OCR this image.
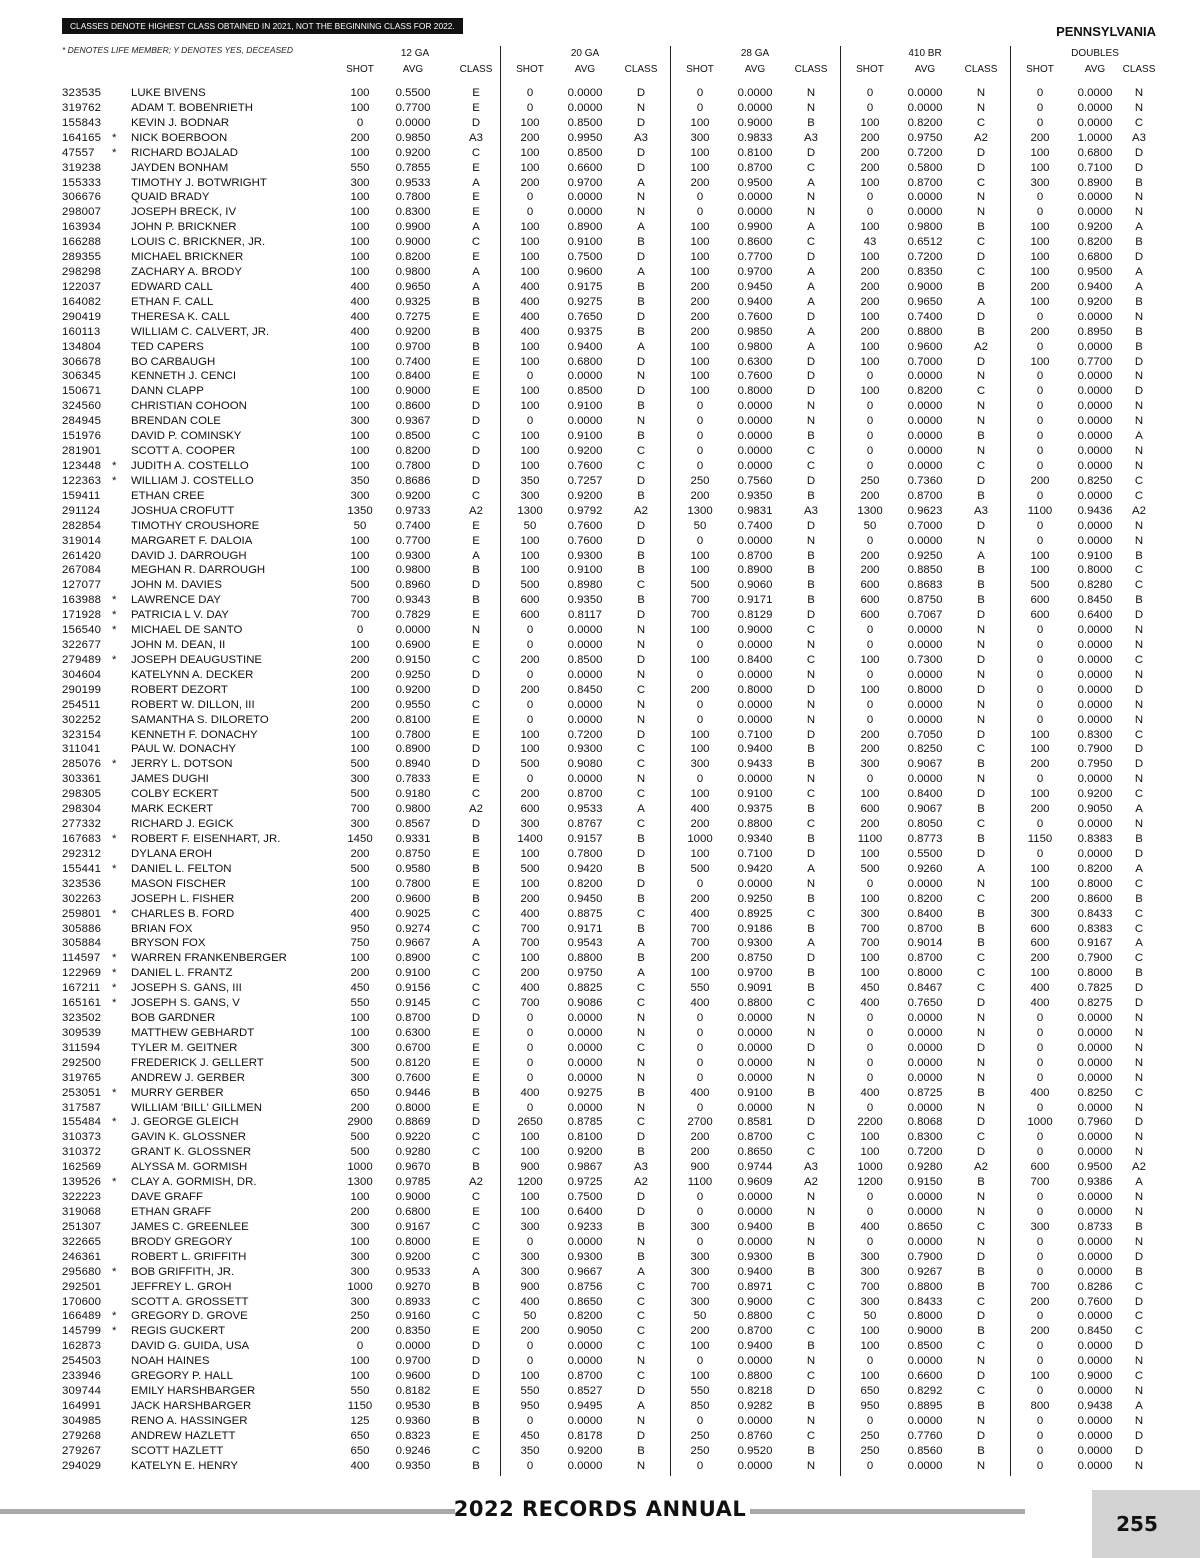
CLASSES DENOTE HIGHEST CLASS OBTAINED IN 2021, NOT THE BEGINNING CLASS FOR 2022.	PENNSYLVANIA
* DENOTES LIFE MEMBER; Y DENOTES YES, DECEASED	12 GA
SHOT	AVG	CLASS
20 GA
SHOT	AVG	CLASS
28 GA
SHOT	AVG	CLASS
410 BR
SHOT	AVG	CLASS
DOUBLES
SHOT	AVG CLASS
323535	LUKE BIVENS	100 0.5500	E	0	0.0000	D	0	0.0000	N	0	0.0000	N	0	0.0000 N
319762	ADAM T. BOBENRIETH	100 0.7700	E	0	0.0000	N	0	0.0000	N	0	0.0000	N	0	0.0000 N
155843	KEVIN J. BODNAR	0	0.0000	D	100 0.8500	D	100 0.9000	B	100 0.8200	C	0	0.0000 C
164165 * NICK BOERBOON	200 0.9850	A3	200 0.9950	A3	300 0.9833	A3	200 0.9750	A2	200 1.0000 A3
47557 * RICHARD BOJALAD	100 0.9200	C	100 0.8500	D	100 0.8100	D	200 0.7200	D	100 0.6800 D
319238	JAYDEN BONHAM	550 0.7855	E	100 0.6600	D	100 0.8700	C	200 0.5800	D	100 0.7100 D
155333	TIMOTHY J. BOTWRIGHT	300 0.9533	A	200 0.9700	A	200 0.9500	A	100 0.8700	C	300 0.8900 B
306676	QUAID BRADY	100 0.7800	E	0	0.0000	N	0	0.0000	N	0	0.0000	N	0	0.0000 N
298007	JOSEPH BRECK, IV	100 0.8300	E	0	0.0000	N	0	0.0000	N	0	0.0000	N	0	0.0000 N
163934	JOHN P. BRICKNER	100 0.9900	A	100 0.8900	A	100 0.9900	A	100 0.9800	B	100 0.9200 A
166288	LOUIS C. BRICKNER, JR.	100 0.9000	C	100 0.9100	B	100 0.8600	C	43	0.6512	C	100 0.8200 B
289355	MICHAEL BRICKNER	100 0.8200	E	100 0.7500	D	100 0.7700	D	100 0.7200	D	100 0.6800 D
298298	ZACHARY A. BRODY	100 0.9800	A	100 0.9600	A	100 0.9700	A	200 0.8350	C	100 0.9500 A
122037	EDWARD CALL	400 0.9650	A	400 0.9175	B	200 0.9450	A	200 0.9000	B	200 0.9400 A
164082	ETHAN F. CALL	400 0.9325	B	400 0.9275	B	200 0.9400	A	200 0.9650	A	100 0.9200 B
290419	THERESA K. CALL	400 0.7275	E	400 0.7650	D	200 0.7600	D	100 0.7400	D	0	0.0000 N
160113	WILLIAM C. CALVERT, JR.	400 0.9200	B	400 0.9375	B	200 0.9850	A	200 0.8800	B	200 0.8950 B
134804	TED CAPERS	100 0.9700	B	100 0.9400	A	100 0.9800	A	100 0.9600	A2	0	0.0000 B
306678	BO CARBAUGH	100 0.7400	E	100 0.6800	D	100 0.6300	D	100 0.7000	D	100 0.7700 D
306345	KENNETH J. CENCI	100 0.8400	E	0	0.0000	N	100 0.7600	D	0	0.0000	N	0	0.0000 N
150671	DANN CLAPP	100 0.9000	E	100 0.8500	D	100 0.8000	D	100 0.8200	C	0	0.0000 D
324560	CHRISTIAN COHOON	100 0.8600	D	100 0.9100	B	0	0.0000	N	0	0.0000	N	0	0.0000 N
284945	BRENDAN COLE	300 0.9367	D	0	0.0000	N	0	0.0000	N	0	0.0000	N	0	0.0000 N
151976	DAVID P. COMINSKY	100 0.8500	C	100 0.9100	B	0	0.0000	B	0	0.0000	B	0	0.0000 A
281901	SCOTT A. COOPER	100 0.8200	D	100 0.9200	C	0	0.0000	C	0	0.0000	N	0	0.0000 N
123448 * JUDITH A. COSTELLO	100 0.7800	D	100 0.7600	C	0	0.0000	C	0	0.0000	C	0	0.0000 N
122363 * WILLIAM J. COSTELLO	350 0.8686	D	350 0.7257	D	250 0.7560	D	250 0.7360	D	200 0.8250 C
159411	ETHAN CREE	300 0.9200	C	300 0.9200	B	200 0.9350	B	200 0.8700	B	0	0.0000 C
291124	JOSHUA CROFUTT	1350 0.9733	A2	1300 0.9792	A2	1300 0.9831	A3	1300 0.9623	A3	1100 0.9436 A2
282854	TIMOTHY CROUSHORE	50	0.7400	E	50	0.7600	D	50	0.7400	D	50	0.7000	D	0	0.0000 N
319014	MARGARET F. DALOIA	100 0.7700	E	100 0.7600	D	0	0.0000	N	0	0.0000	N	0	0.0000 N
261420	DAVID J. DARROUGH	100 0.9300	A	100 0.9300	B	100 0.8700	B	200 0.9250	A	100 0.9100 B
267084	MEGHAN R. DARROUGH	100 0.9800	B	100 0.9100	B	100 0.8900	B	200 0.8850	B	100 0.8000 C
127077	JOHN M. DAVIES	500 0.8960	D	500 0.8980	C	500 0.9060	B	600 0.8683	B	500 0.8280 C
163988 * LAWRENCE DAY	700 0.9343	B	600 0.9350	B	700 0.9171	B	600 0.8750	B	600 0.8450 B
171928 * PATRICIA L V. DAY	700 0.7829	E	600 0.8117	D	700 0.8129	D	600 0.7067	D	600 0.6400 D
156540 * MICHAEL DE SANTO	0	0.0000	N	0	0.0000	N	100 0.9000	C	0	0.0000	N	0	0.0000 N
322677	JOHN M. DEAN, II	100 0.6900	E	0	0.0000	N	0	0.0000	N	0	0.0000	N	0	0.0000 N
279489 * JOSEPH DEAUGUSTINE	200 0.9150	C	200 0.8500	D	100 0.8400	C	100 0.7300	D	0	0.0000 C
304604	KATELYNN A. DECKER	200 0.9250	D	0	0.0000	N	0	0.0000	N	0	0.0000	N	0	0.0000 N
290199	ROBERT DEZORT	100 0.9200	D	200 0.8450	C	200 0.8000	D	100 0.8000	D	0	0.0000 D
254511	ROBERT W. DILLON, III	200 0.9550	C	0	0.0000	N	0	0.0000	N	0	0.0000	N	0	0.0000 N
302252	SAMANTHA S. DILORETO	200 0.8100	E	0	0.0000	N	0	0.0000	N	0	0.0000	N	0	0.0000 N
323154	KENNETH F. DONACHY	100 0.7800	E	100 0.7200	D	100 0.7100	D	200 0.7050	D	100 0.8300 C
311041	PAUL W. DONACHY	100 0.8900	D	100 0.9300	C	100 0.9400	B	200 0.8250	C	100 0.7900 D
285076 * JERRY L. DOTSON	500 0.8940	D	500 0.9080	C	300 0.9433	B	300 0.9067	B	200 0.7950 D
303361	JAMES DUGHI	300 0.7833	E	0	0.0000	N	0	0.0000	N	0	0.0000	N	0	0.0000 N
298305	COLBY ECKERT	500 0.9180	C	200 0.8700	C	100 0.9100	C	100 0.8400	D	100 0.9200 C
298304	MARK ECKERT	700 0.9800	A2	600 0.9533	A	400 0.9375	B	600 0.9067	B	200 0.9050 A
277332	RICHARD J. EGICK	300 0.8567	D	300 0.8767	C	200 0.8800	C	200 0.8050	C	0	0.0000 N
167683 * ROBERT F. EISENHART, JR.	1450 0.9331	B	1400 0.9157	B	1000 0.9340	B	1100 0.8773	B	1150 0.8383 B
292312	DYLANA EROH	200 0.8750	E	100 0.7800	D	100 0.7100	D	100 0.5500	D	0	0.0000 D
155441 * DANIEL L. FELTON	500 0.9580	B	500 0.9420	B	500 0.9420	A	500 0.9260	A	100 0.8200 A
323536	MASON FISCHER	100 0.7800	E	100 0.8200	D	0	0.0000	N	0	0.0000	N	100 0.8000 C
302263	JOSEPH L. FISHER	200 0.9600	B	200 0.9450	B	200 0.9250	B	100 0.8200	C	200 0.8600 B
259801 * CHARLES B. FORD	400 0.9025	C	400 0.8875	C	400 0.8925	C	300 0.8400	B	300 0.8433 C
305886	BRIAN FOX	950 0.9274	C	700 0.9171	B	700 0.9186	B	700 0.8700	B	600 0.8383 C
305884	BRYSON FOX	750 0.9667	A	700 0.9543	A	700 0.9300	A	700 0.9014	B	600 0.9167 A
114597 * WARREN FRANKENBERGER	100 0.8900	C	100 0.8800	B	200 0.8750	D	100 0.8700	C	200 0.7900 C
122969 * DANIEL L. FRANTZ	200 0.9100	C	200 0.9750	A	100 0.9700	B	100 0.8000	C	100 0.8000 B
167211 * JOSEPH S. GANS, III	450 0.9156	C	400 0.8825	C	550 0.9091	B	450 0.8467	C	400 0.7825 D
165161 * JOSEPH S. GANS, V	550 0.9145	C	700 0.9086	C	400 0.8800	C	400 0.7650	D	400 0.8275 D
323502	BOB GARDNER	100 0.8700	D	0	0.0000	N	0	0.0000	N	0	0.0000	N	0	0.0000 N
309539	MATTHEW GEBHARDT	100 0.6300	E	0	0.0000	N	0	0.0000	N	0	0.0000	N	0	0.0000 N
311594	TYLER M. GEITNER	300 0.6700	E	0	0.0000	C	0	0.0000	D	0	0.0000	D	0	0.0000 N
292500	FREDERICK J. GELLERT	500 0.8120	E	0	0.0000	N	0	0.0000	N	0	0.0000	N	0	0.0000 N
319765	ANDREW J. GERBER	300 0.7600	E	0	0.0000	N	0	0.0000	N	0	0.0000	N	0	0.0000 N
253051 * MURRY GERBER	650 0.9446	B	400 0.9275	B	400 0.9100	B	400 0.8725	B	400 0.8250 C
317587	WILLIAM 'BILL' GILLMEN	200 0.8000	E	0	0.0000	N	0	0.0000	N	0	0.0000	N	0	0.0000 N
155484 * J. GEORGE GLEICH	2900 0.8869	D	2650 0.8785	C	2700 0.8581	D	2200 0.8068	D	1000 0.7960 D
310373	GAVIN K. GLOSSNER	500 0.9220	C	100 0.8100	D	200 0.8700	C	100 0.8300	C	0	0.0000 N
310372	GRANT K. GLOSSNER	500 0.9280	C	100 0.9200	B	200 0.8650	C	100 0.7200	D	0	0.0000 N
162569	ALYSSA M. GORMISH	1000 0.9670	B	900 0.9867	A3	900 0.9744	A3	1000 0.9280	A2	600 0.9500 A2
139526 * CLAY A. GORMISH, DR.	1300 0.9785	A2	1200 0.9725	A2	1100 0.9609	A2	1200 0.9150	B	700 0.9386 A
322223	DAVE GRAFF	100 0.9000	C	100 0.7500	D	0	0.0000	N	0	0.0000	N	0	0.0000 N
319068	ETHAN GRAFF	200 0.6800	E	100 0.6400	D	0	0.0000	N	0	0.0000	N	0	0.0000 N
251307	JAMES C. GREENLEE	300 0.9167	C	300 0.9233	B	300 0.9400	B	400 0.8650	C	300 0.8733 B
322665	BRODY GREGORY	100 0.8000	E	0	0.0000	N	0	0.0000	N	0	0.0000	N	0	0.0000 N
246361	ROBERT L. GRIFFITH	300 0.9200	C	300 0.9300	B	300 0.9300	B	300 0.7900	D	0	0.0000 D
295680 * BOB GRIFFITH, JR.	300 0.9533	A	300 0.9667	A	300 0.9400	B	300 0.9267	B	0	0.0000 B
292501	JEFFREY L. GROH	1000 0.9270	B	900 0.8756	C	700 0.8971	C	700 0.8800	B	700 0.8286 C
170600	SCOTT A. GROSSETT	300 0.8933	C	400 0.8650	C	300 0.9000	C	300 0.8433	C	200 0.7600 D
166489 * GREGORY D. GROVE	250 0.9160	C	50	0.8200	C	50	0.8800	C	50	0.8000	D	0	0.0000 C
145799 * REGIS GUCKERT	200 0.8350	E	200 0.9050	C	200 0.8700	C	100 0.9000	B	200 0.8450 C
162873	DAVID G. GUIDA, USA	0	0.0000	D	0	0.0000	C	100 0.9400	B	100 0.8500	C	0	0.0000 D
254503	NOAH HAINES	100 0.9700	D	0	0.0000	N	0	0.0000	N	0	0.0000	N	0	0.0000 N
233946	GREGORY P. HALL	100 0.9600	D	100 0.8700	C	100 0.8800	C	100 0.6600	D	100 0.9000 C
309744	EMILY HARSHBARGER	550 0.8182	E	550 0.8527	D	550 0.8218	D	650 0.8292	C	0	0.0000 N
164991	JACK HARSHBARGER	1150 0.9530	B	950 0.9495	A	850 0.9282	B	950 0.8895	B	800 0.9438 A
304985	RENO A. HASSINGER	125 0.9360	B	0	0.0000	N	0	0.0000	N	0	0.0000	N	0	0.0000 N
279268	ANDREW HAZLETT	650 0.8323	E	450 0.8178	D	250 0.8760	C	250 0.7760	D	0	0.0000 D
279267	SCOTT HAZLETT	650 0.9246	C	350 0.9200	B	250 0.9520	B	250 0.8560	B	0	0.0000 D
294029	KATELYN E. HENRY	400 0.9350	B	0	0.0000	N	0	0.0000	N	0	0.0000	N	0	0.0000 N
2022 RECORDS ANNUAL
255
